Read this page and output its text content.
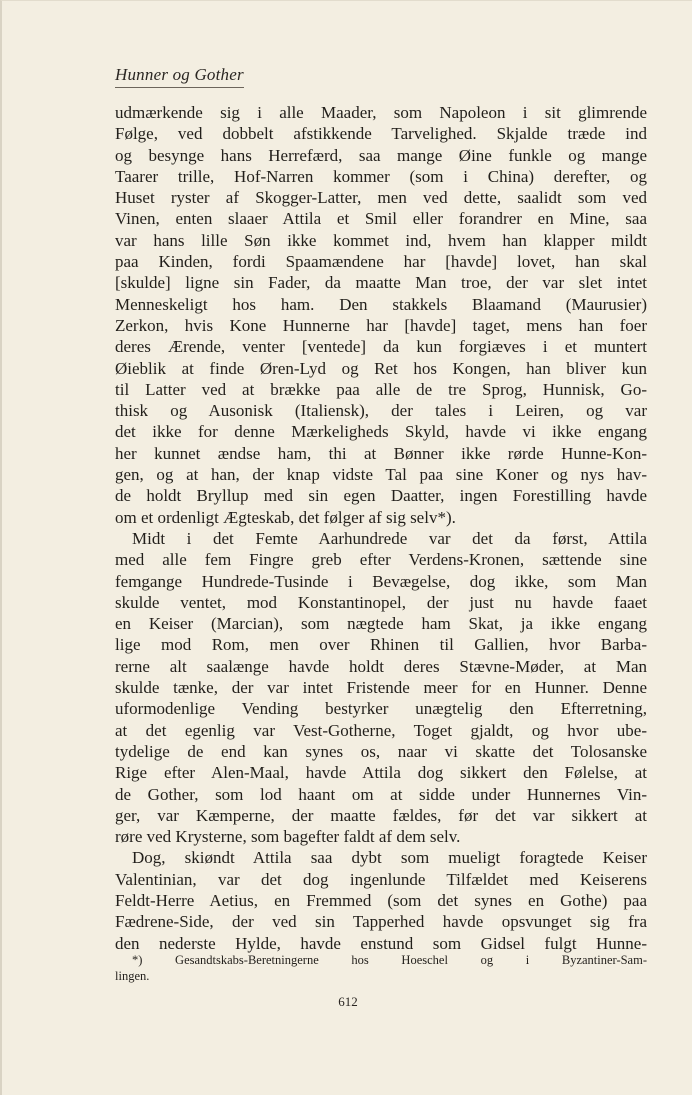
Hunner og Gother
udmærkende sig i alle Maader, som Napoleon i sit glimrende
Følge, ved dobbelt afstikkende Tarvelighed. Skjalde træde ind
og besynge hans Herrefærd, saa mange Øine funkle og mange
Taarer trille, Hof-Narren kommer (som i China) derefter, og
Huset ryster af Skogger-Latter, men ved dette, saalidt som ved
Vinen, enten slaaer Attila et Smil eller forandrer en Mine, saa
var hans lille Søn ikke kommet ind, hvem han klapper mildt
paa Kinden, fordi Spaamændene har [havde] lovet, han skal
[skulde] ligne sin Fader, da maatte Man troe, der var slet intet
Menneskeligt hos ham. Den stakkels Blaamand (Maurusier)
Zerkon, hvis Kone Hunnerne har [havde] taget, mens han foer
deres Ærende, venter [ventede] da kun forgiæves i et muntert
Øieblik at finde Øren-Lyd og Ret hos Kongen, han bliver kun
til Latter ved at brække paa alle de tre Sprog, Hunnisk, Go-
thisk og Ausonisk (Italiensk), der tales i Leiren, og var
det ikke for denne Mærkeligheds Skyld, havde vi ikke engang
her kunnet ændse ham, thi at Bønner ikke rørde Hunne-Kon-
gen, og at han, der knap vidste Tal paa sine Koner og nys hav-
de holdt Bryllup med sin egen Daatter, ingen Forestilling havde
om et ordenligt Ægteskab, det følger af sig selv*).
Midt i det Femte Aarhundrede var det da først, Attila
med alle fem Fingre greb efter Verdens-Kronen, sættende sine
femgange Hundrede-Tusinde i Bevægelse, dog ikke, som Man
skulde ventet, mod Konstantinopel, der just nu havde faaet
en Keiser (Marcian), som nægtede ham Skat, ja ikke engang
lige mod Rom, men over Rhinen til Gallien, hvor Barba-
rerne alt saalænge havde holdt deres Stævne-Møder, at Man
skulde tænke, der var intet Fristende meer for en Hunner. Denne
uformodenlige Vending bestyrker unægtelig den Efterretning,
at det egenlig var Vest-Gotherne, Toget gjaldt, og hvor ube-
tydelige de end kan synes os, naar vi skatte det Tolosanske
Rige efter Alen-Maal, havde Attila dog sikkert den Følelse, at
de Gother, som lod haant om at sidde under Hunnernes Vin-
ger, var Kæmperne, der maatte fældes, før det var sikkert at
røre ved Krysterne, som bagefter faldt af dem selv.
Dog, skiøndt Attila saa dybt som mueligt foragtede Keiser
Valentinian, var det dog ingenlunde Tilfældet med Keiserens
Feldt-Herre Aetius, en Fremmed (som det synes en Gothe) paa
Fædrene-Side, der ved sin Tapperhed havde opsvunget sig fra
den nederste Hylde, havde enstund som Gidsel fulgt Hunne-
*) Gesandtskabs-Beretningerne hos Hoeschel og i Byzantiner-Sam-
lingen.
612
